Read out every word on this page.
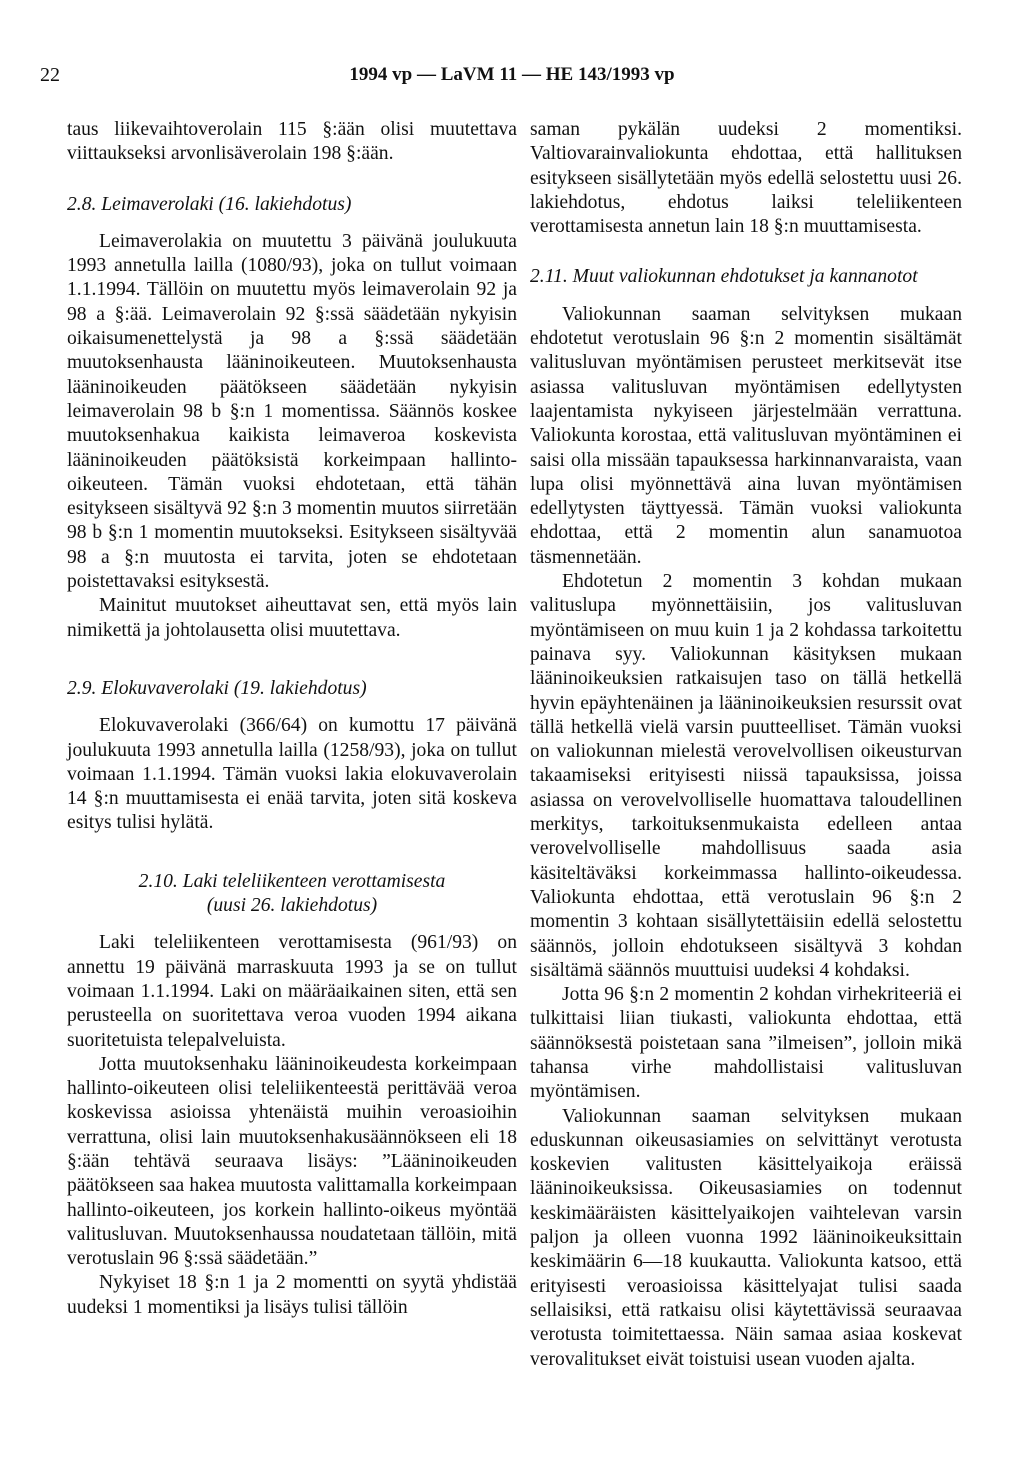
22	1994 vp — LaVM 11 — HE 143/1993 vp

taus liikevaihtoverolain 115 §:ään olisi muutettava viittaukseksi arvonlisäverolain 198 §:ään.

2.8. Leimaverolaki (16. lakiehdotus)

Leimaverolakia on muutettu 3 päivänä joulukuuta 1993 annetulla lailla (1080/93), joka on tullut voimaan 1.1.1994. Tällöin on muutettu myös leimaverolain 92 ja 98 a §:ää. Leimaverolain 92 §:ssä säädetään nykyisin oikaisumenettelystä ja 98 a §:ssä säädetään muutoksenhausta lääninoikeuteen. Muutoksenhausta lääninoikeuden päätökseen säädetään nykyisin leimaverolain 98 b §:n 1 momentissa. Säännös koskee muutoksenhakua kaikista leimaveroa koskevista lääninoikeuden päätöksistä korkeimpaan hallinto-oikeuteen. Tämän vuoksi ehdotetaan, että tähän esitykseen sisältyvä 92 §:n 3 momentin muutos siirretään 98 b §:n 1 momentin muutokseksi. Esitykseen sisältyvää 98 a §:n muutosta ei tarvita, joten se ehdotetaan poistettavaksi esityksestä.

Mainitut muutokset aiheuttavat sen, että myös lain nimikettä ja johtolausetta olisi muutettava.

2.9. Elokuvaverolaki (19. lakiehdotus)

Elokuvaverolaki (366/64) on kumottu 17 päivänä joulukuuta 1993 annetulla lailla (1258/93), joka on tullut voimaan 1.1.1994. Tämän vuoksi lakia elokuvaverolain 14 §:n muuttamisesta ei enää tarvita, joten sitä koskeva esitys tulisi hylätä.

2.10. Laki teleliikenteen verottamisesta
(uusi 26. lakiehdotus)

Laki teleliikenteen verottamisesta (961/93) on annettu 19 päivänä marraskuuta 1993 ja se on tullut voimaan 1.1.1994. Laki on määräaikainen siten, että sen perusteella on suoritettava veroa vuoden 1994 aikana suoritetuista telepalveluista.

Jotta muutoksenhaku lääninoikeudesta korkeimpaan hallinto-oikeuteen olisi teleliikenteestä perittävää veroa koskevissa asioissa yhtenäistä muihin veroasioihin verrattuna, olisi lain muutoksenhakusäännökseen eli 18 §:ään tehtävä seuraava lisäys: ”Lääninoikeuden päätökseen saa hakea muutosta valittamalla korkeimpaan hallinto-oikeuteen, jos korkein hallinto-oikeus myöntää valitusluvan. Muutoksenhaussa noudatetaan tällöin, mitä verotuslain 96 §:ssä säädetään.”

Nykyiset 18 §:n 1 ja 2 momentti on syytä yhdistää uudeksi 1 momentiksi ja lisäys tulisi tällöin

saman pykälän uudeksi 2 momentiksi. Valtiovarainvaliokunta ehdottaa, että hallituksen esitykseen sisällytetään myös edellä selostettu uusi 26. lakiehdotus, ehdotus laiksi teleliikenteen verottamisesta annetun lain 18 §:n muuttamisesta.

2.11. Muut valiokunnan ehdotukset ja kannanotot

Valiokunnan saaman selvityksen mukaan ehdotetut verotuslain 96 §:n 2 momentin sisältämät valitusluvan myöntämisen perusteet merkitsevät itse asiassa valitusluvan myöntämisen edellytysten laajentamista nykyiseen järjestelmään verrattuna. Valiokunta korostaa, että valitusluvan myöntäminen ei saisi olla missään tapauksessa harkinnanvaraista, vaan lupa olisi myönnettävä aina luvan myöntämisen edellytysten täyttyessä. Tämän vuoksi valiokunta ehdottaa, että 2 momentin alun sanamuotoa täsmennetään.

Ehdotetun 2 momentin 3 kohdan mukaan valituslupa myönnettäisiin, jos valitusluvan myöntämiseen on muu kuin 1 ja 2 kohdassa tarkoitettu painava syy. Valiokunnan käsityksen mukaan lääninoikeuksien ratkaisujen taso on tällä hetkellä hyvin epäyhtenäinen ja lääninoikeuksien resurssit ovat tällä hetkellä vielä varsin puutteelliset. Tämän vuoksi on valiokunnan mielestä verovelvollisen oikeusturvan takaamiseksi erityisesti niissä tapauksissa, joissa asiassa on verovelvolliselle huomattava taloudellinen merkitys, tarkoituksenmukaista edelleen antaa verovelvolliselle mahdollisuus saada asia käsiteltäväksi korkeimmassa hallinto-oikeudessa. Valiokunta ehdottaa, että verotuslain 96 §:n 2 momentin 3 kohtaan sisällytettäisiin edellä selostettu säännös, jolloin ehdotukseen sisältyvä 3 kohdan sisältämä säännös muuttuisi uudeksi 4 kohdaksi.

Jotta 96 §:n 2 momentin 2 kohdan virhekriteeriä ei tulkittaisi liian tiukasti, valiokunta ehdottaa, että säännöksestä poistetaan sana ”ilmeisen”, jolloin mikä tahansa virhe mahdollistaisi valitusluvan myöntämisen.

Valiokunnan saaman selvityksen mukaan eduskunnan oikeusasiamies on selvittänyt verotusta koskevien valitusten käsittelyaikoja eräissä lääninoikeuksissa. Oikeusasiamies on todennut keskimääräisten käsittelyaikojen vaihtelevan varsin paljon ja olleen vuonna 1992 lääninoikeuksittain keskimäärin 6—18 kuukautta. Valiokunta katsoo, että erityisesti veroasioissa käsittelyajat tulisi saada sellaisiksi, että ratkaisu olisi käytettävissä seuraavaa verotusta toimitettaessa. Näin samaa asiaa koskevat verovalitukset eivät toistuisi usean vuoden ajalta.
